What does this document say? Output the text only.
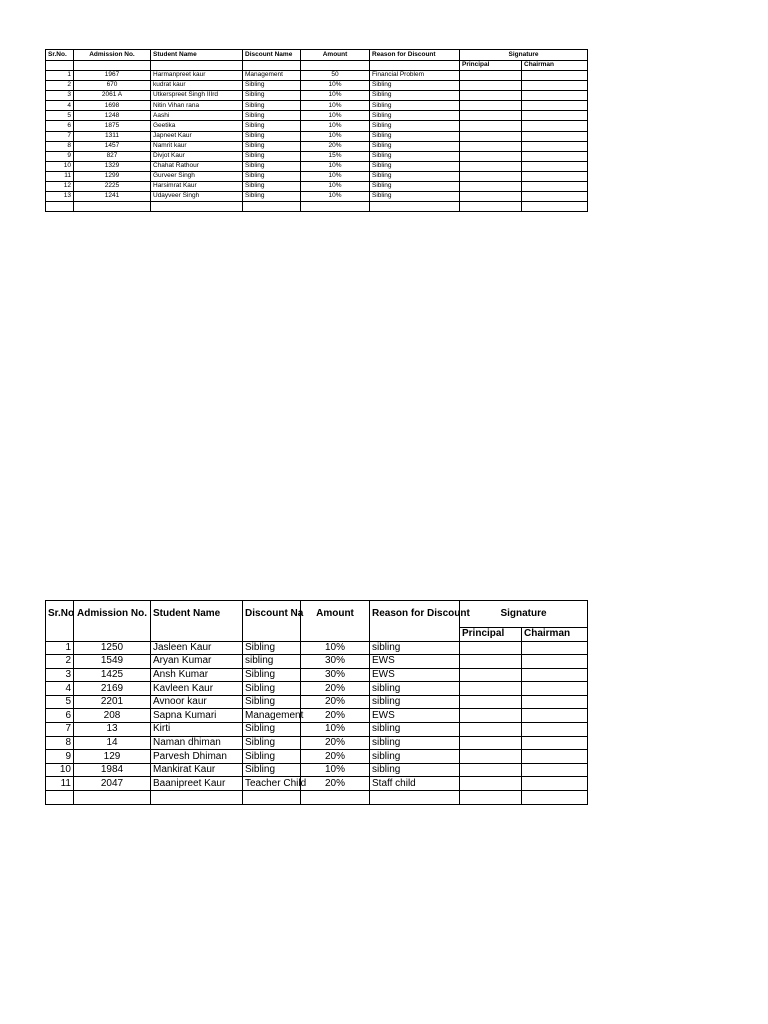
Sr.No.	Admission No.	Student Name	Discount Name	Amount	Reason for Discount	Signature	
						Principal	Chairman
1	1967	Harmanpreet kaur	Management	50	Financial Problem		
2	670	kudrat kaur	Sibling	10%	Sibling		
3	2061 A	Utkerspreet Singh IIIrd	Sibling	10%	Sibling		
4	1698	Nitin Vihan rana	Sibling	10%	Sibling		
5	1248	Aashi	Sibling	10%	Sibling		
6	1875	Geetika	Sibling	10%	Sibling		
7	1311	Japneet Kaur	Sibling	10%	Sibling		
8	1457	Namrit kaur	Sibling	20%	Sibling		
9	827	Divjot Kaur	Sibling	15%	Sibling		
10	1329	Chahat Rathour	Sibling	10%	Sibling		
11	1299	Gurveer Singh	Sibling	10%	Sibling		
12	2225	Harsimrat Kaur	Sibling	10%	Sibling		
13	1241	Udayveer Singh	Sibling	10%	Sibling		

Sr.No	Admission No.	Student Name	Discount Na	Amount	Reason for Discount	Signature	
						Principal	Chairman
1	1250	Jasleen Kaur	Sibling	10%	sibling		
2	1549	Aryan Kumar	sibling	30%	EWS		
3	1425	Ansh Kumar	Sibling	30%	EWS		
4	2169	Kavleen Kaur	Sibling	20%	sibling		
5	2201	Avnoor kaur	Sibling	20%	sibling		
6	208	Sapna Kumari	Management	20%	EWS		
7	13	Kirti	Sibling	10%	sibling		
8	14	Naman dhiman	Sibling	20%	sibling		
9	129	Parvesh Dhiman	Sibling	20%	sibling		
10	1984	Mankirat Kaur	Sibling	10%	sibling		
11	2047	Baanipreet Kaur	Teacher Child	20%	Staff child		
